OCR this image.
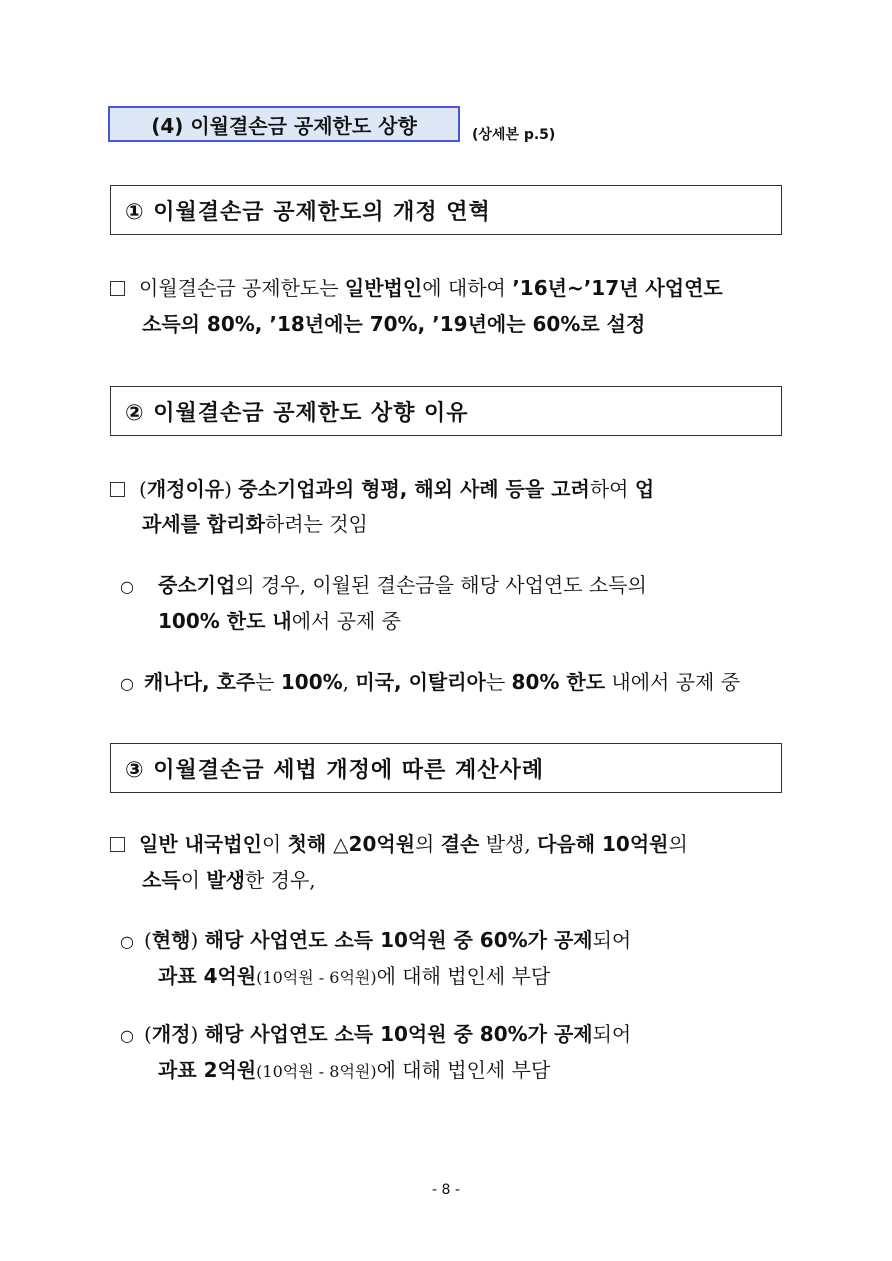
(4) 이월결손금 공제한도 상향	(상세본 p.5)
① 이월결손금 공제한도의 개정 연혁
이월결손금 공제한도는 일반법인에 대하여 ’16년~’17년 사업연도
소득의 80%, ’18년에는 70%, ’19년에는 60%로 설정
② 이월결손금 공제한도 상향 이유
(개정이유) 중소기업과의 형평, 해외 사례 등을 고려하여 업
과세를 합리화하려는 것임
○ 중소기업의 경우, 이월된 결손금을 해당 사업연도 소득의
100% 한도 내에서 공제 중
○ 캐나다, 호주는 100%, 미국, 이탈리아는 80% 한도 내에서 공제 중
③ 이월결손금 세법 개정에 따른 계산사례
일반 내국법인이 첫해 △20억원의 결손 발생, 다음해 10억원의
소득이 발생한 경우,
○ (현행) 해당 사업연도 소득 10억원 중 60%가 공제되어
과표 4억원(10억원 - 6억원)에 대해 법인세 부담
○ (개정) 해당 사업연도 소득 10억원 중 80%가 공제되어
과표 2억원(10억원 - 8억원)에 대해 법인세 부담
- 8 -
